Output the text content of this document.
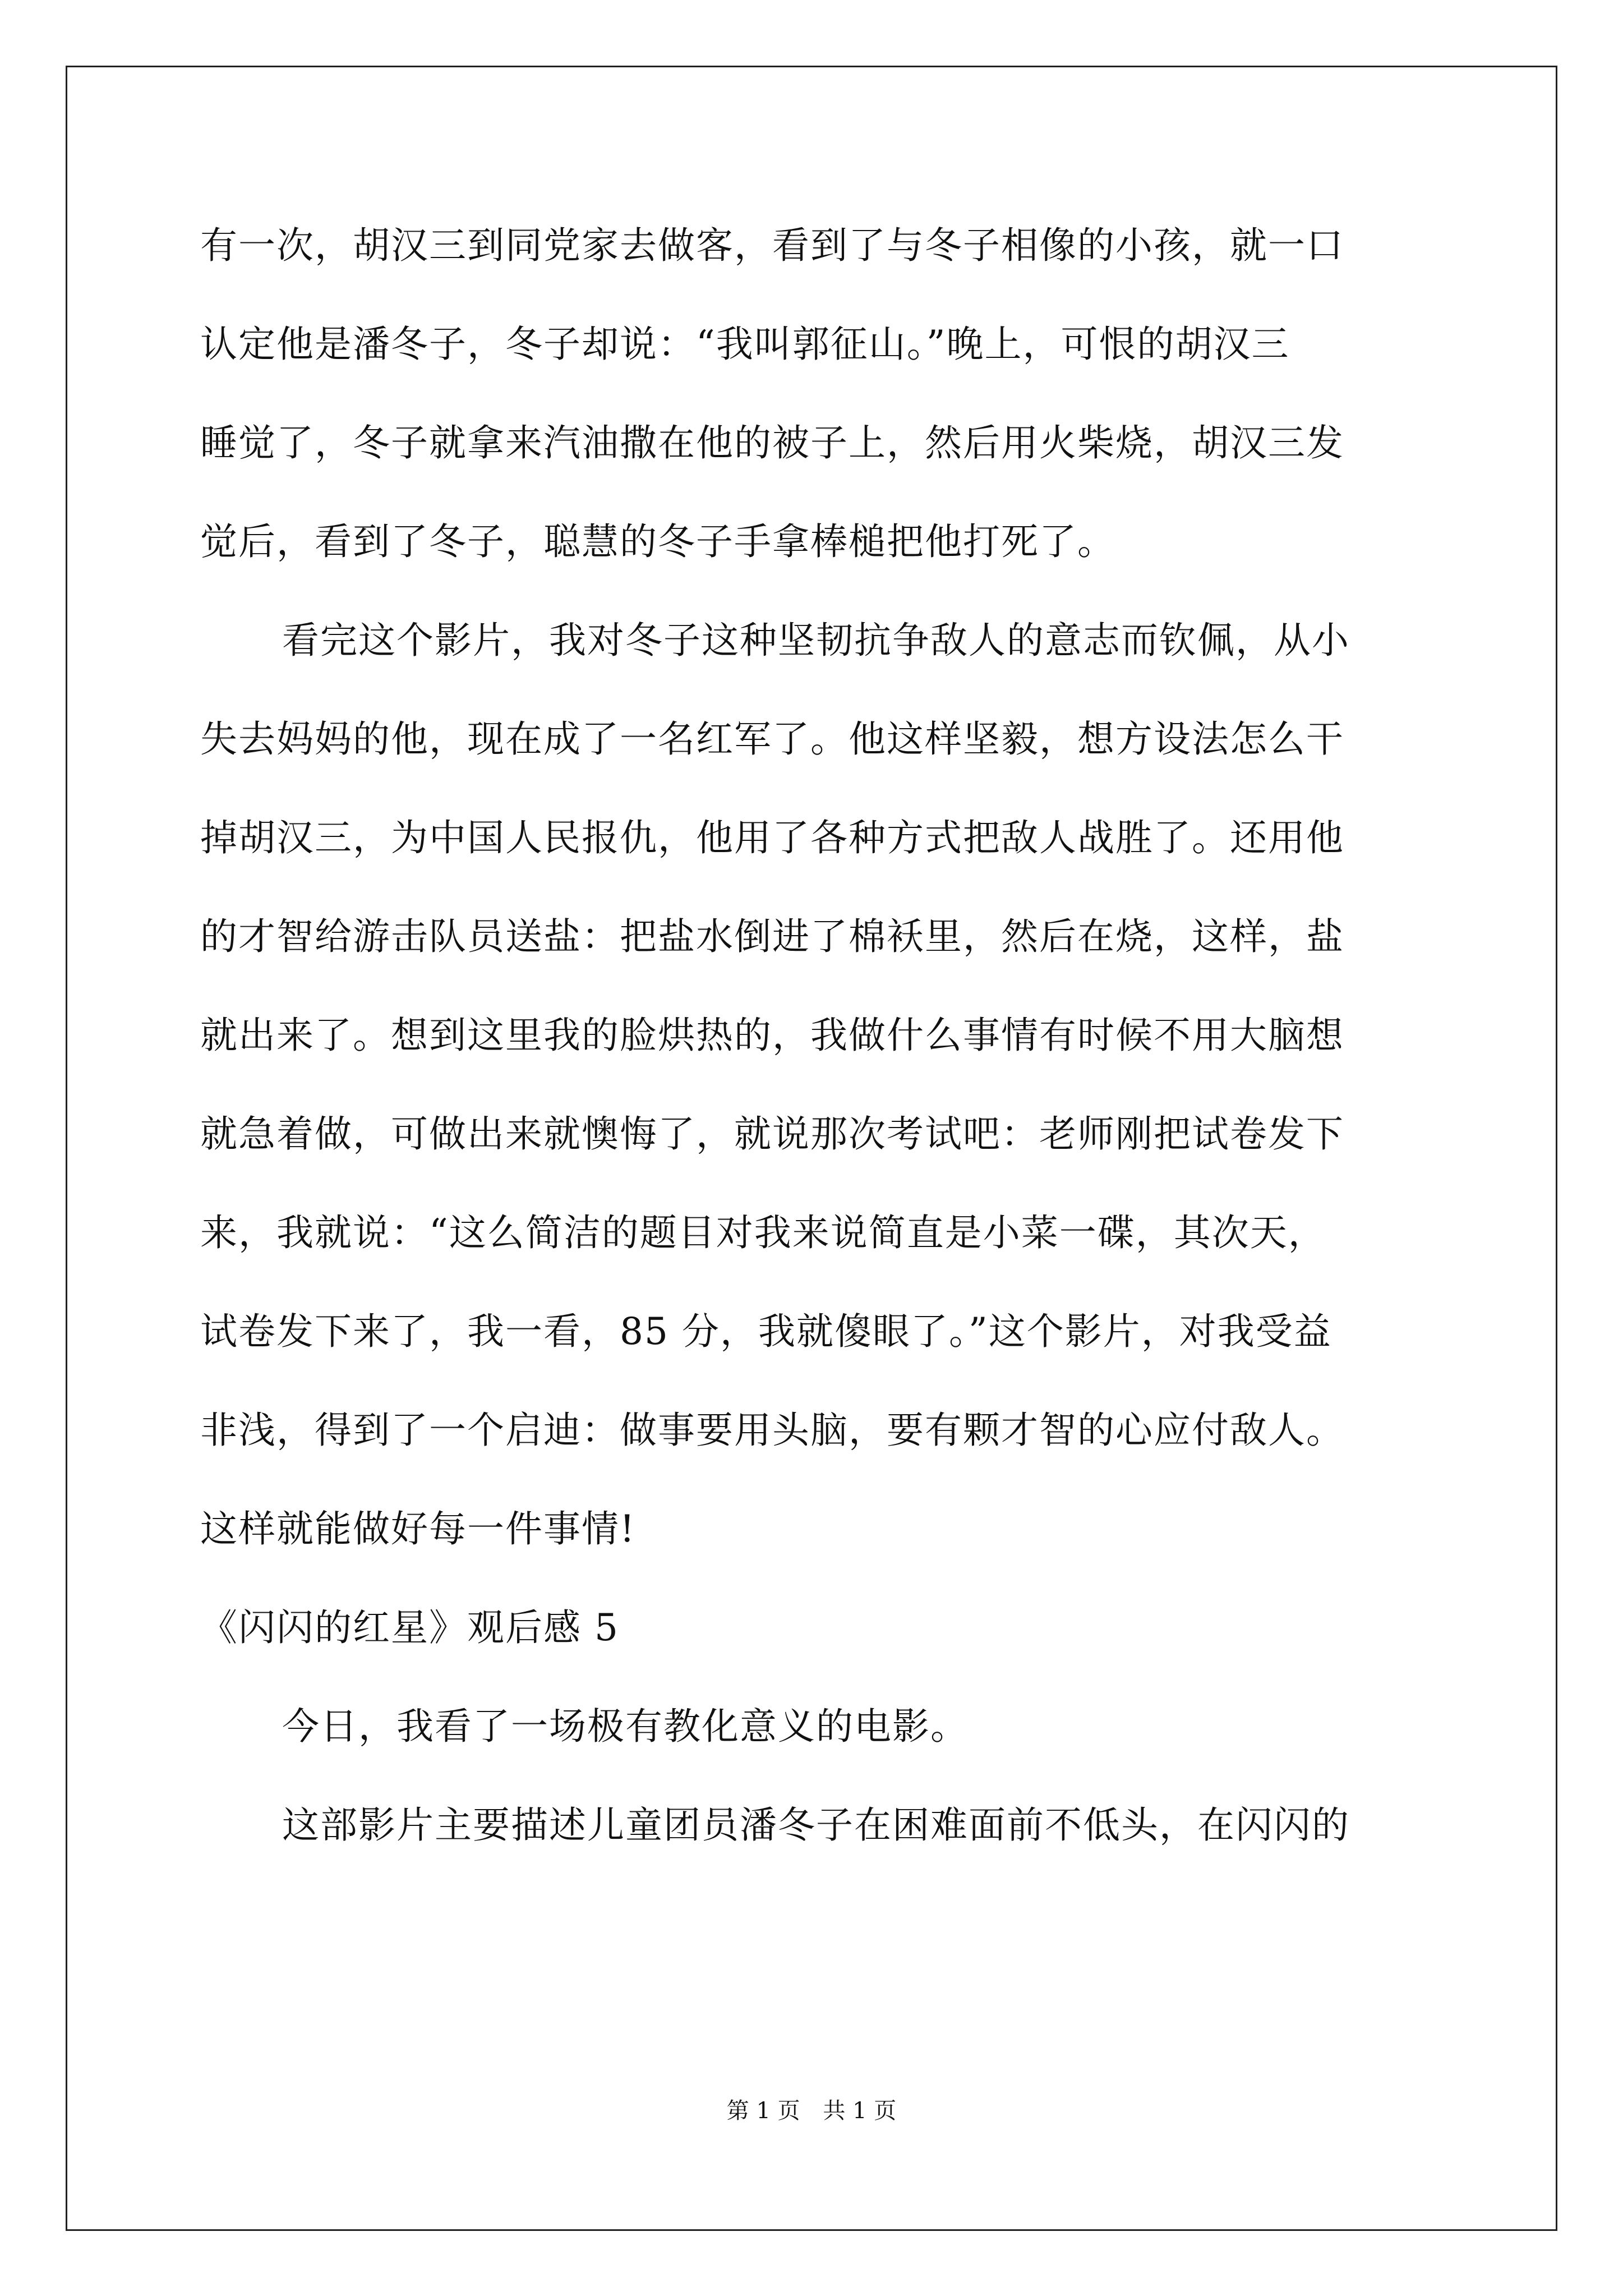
有一次，胡汉三到同党家去做客，看到了与冬子相像的小孩，就一口
认定他是潘冬子，冬子却说：“我叫郭征山。”晚上，可恨的胡汉三
睡觉了，冬子就拿来汽油撒在他的被子上，然后用火柴烧，胡汉三发
觉后，看到了冬子，聪慧的冬子手拿棒槌把他打死了。
看完这个影片，我对冬子这种坚韧抗争敌人的意志而钦佩，从小
失去妈妈的他，现在成了一名红军了。他这样坚毅，想方设法怎么干
掉胡汉三，为中国人民报仇，他用了各种方式把敌人战胜了。还用他
的才智给游击队员送盐：把盐水倒进了棉袄里，然后在烧，这样，盐
就出来了。想到这里我的脸烘热的，我做什么事情有时候不用大脑想
就急着做，可做出来就懊悔了，就说那次考试吧：老师刚把试卷发下
来，我就说：“这么简洁的题目对我来说简直是小菜一碟，其次天，
试卷发下来了，我一看，85 分，我就傻眼了。”这个影片，对我受益
非浅，得到了一个启迪：做事要用头脑，要有颗才智的心应付敌人。
这样就能做好每一件事情!
《闪闪的红星》观后感 5
今日，我看了一场极有教化意义的电影。
这部影片主要描述儿童团员潘冬子在困难面前不低头，在闪闪的
第 1 页 共 1 页
